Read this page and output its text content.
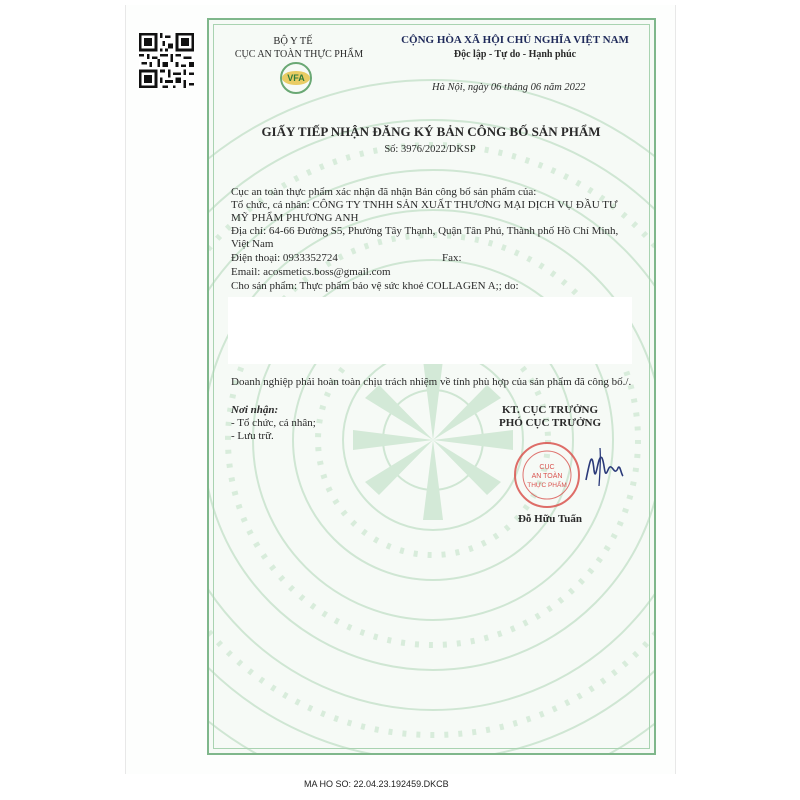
VFA
BỘ Y TẾ
CỤC AN TOÀN THỰC PHẨM
CỘNG HÒA XÃ HỘI CHỦ NGHĨA VIỆT NAM
Độc lập - Tự do - Hạnh phúc
Hà Nội, ngày 06 tháng 06 năm 2022
GIẤY TIẾP NHẬN ĐĂNG KÝ BẢN CÔNG BỐ SẢN PHẨM
Số: 3976/2022/DKSP
Cục an toàn thực phẩm xác nhận đã nhận Bản công bố sản phẩm của:
Tổ chức, cá nhân: CÔNG TY TNHH SẢN XUẤT THƯƠNG MẠI DỊCH VỤ ĐẦU TƯ
MỸ PHẨM PHƯƠNG ANH
Địa chỉ: 64-66 Đường S5, Phường Tây Thạnh, Quận Tân Phú, Thành phố Hồ Chí Minh,
Việt Nam
Điện thoại: 0933352724	Fax:
Email: acosmetics.boss@gmail.com
Cho sản phẩm: Thực phẩm bảo vệ sức khoẻ COLLAGEN A;; do:
Doanh nghiệp phải hoàn toàn chịu trách nhiệm về tính phù hợp của sản phẩm đã công bố./.
Nơi nhận:
- Tổ chức, cá nhân;
- Lưu trữ.
KT. CỤC TRƯỞNG
PHÓ CỤC TRƯỞNG
CỤC
AN TOÀN
THỰC PHẨM
Đỗ Hữu Tuấn
MA HO SO: 22.04.23.192459.DKCB
